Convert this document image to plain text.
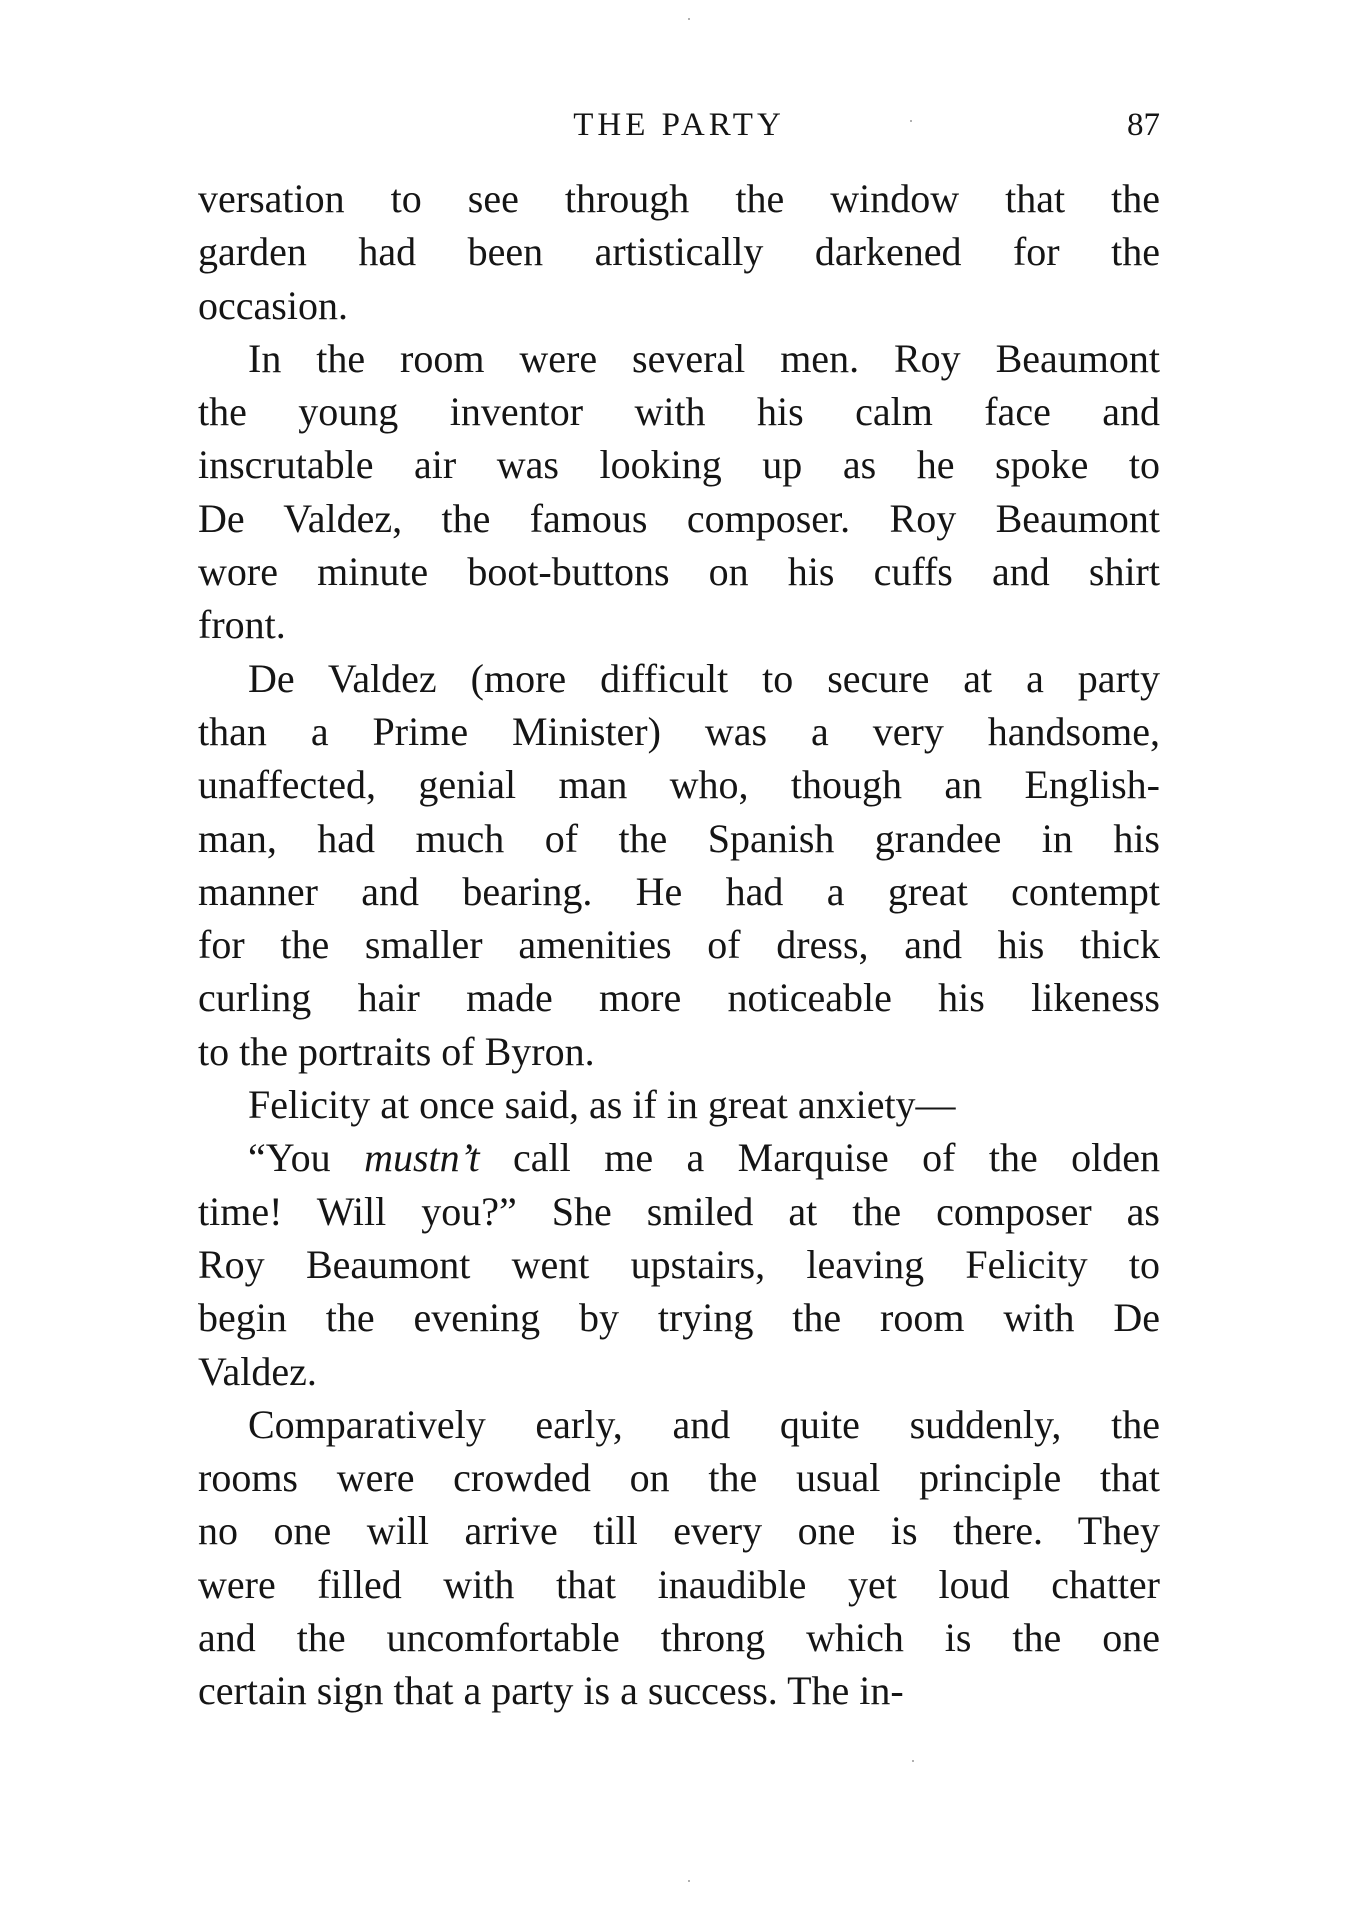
THE PARTY	87

versation to see through the window that the
garden had been artistically darkened for the
occasion.

In the room were several men. Roy Beaumont
the young inventor with his calm face and
inscrutable air was looking up as he spoke to
De Valdez, the famous composer. Roy Beaumont
wore minute boot-buttons on his cuffs and shirt
front.

De Valdez (more difficult to secure at a party
than a Prime Minister) was a very handsome,
unaffected, genial man who, though an English-
man, had much of the Spanish grandee in his
manner and bearing. He had a great contempt
for the smaller amenities of dress, and his thick
curling hair made more noticeable his likeness
to the portraits of Byron.

Felicity at once said, as if in great anxiety—

“You mustn’t call me a Marquise of the olden
time! Will you?” She smiled at the composer as
Roy Beaumont went upstairs, leaving Felicity to
begin the evening by trying the room with De
Valdez.

Comparatively early, and quite suddenly, the
rooms were crowded on the usual principle that
no one will arrive till every one is there. They
were filled with that inaudible yet loud chatter
and the uncomfortable throng which is the one
certain sign that a party is a success. The in-
